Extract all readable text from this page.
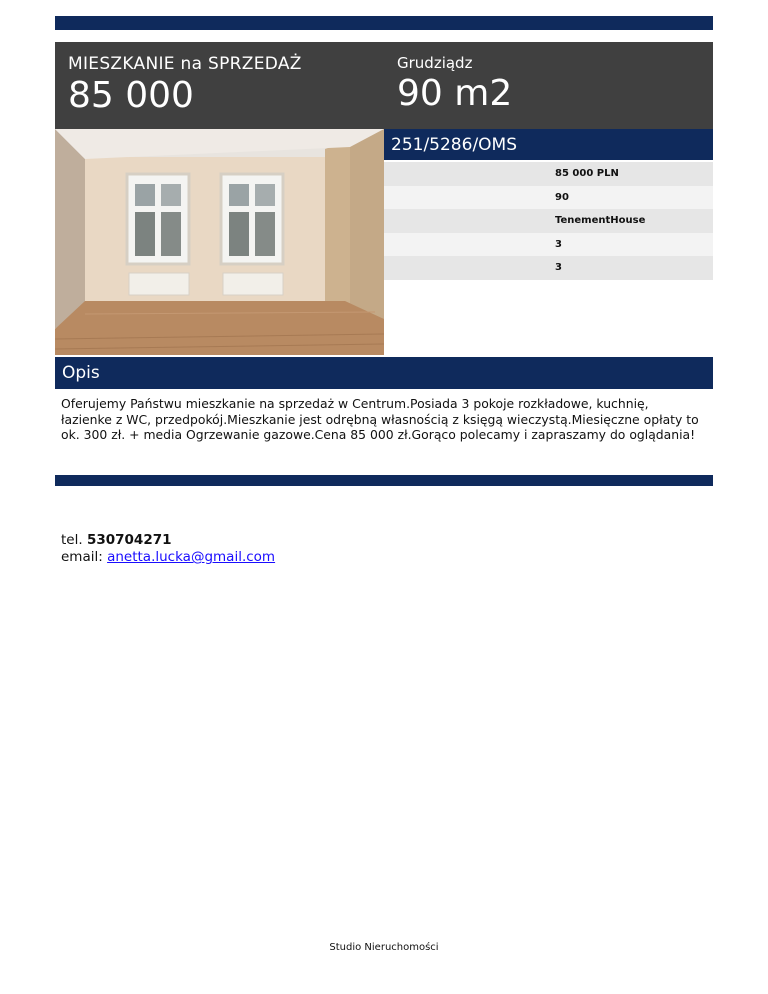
MIESZKANIE na SPRZEDAŻ
85 000
Grudziądz
90 m2
251/5286/OMS
85 000 PLN
90
TenementHouse
3
3
Opis
Oferujemy Państwu mieszkanie na sprzedaż w Centrum.Posiada 3 pokoje rozkładowe, kuchnię, łazienke z WC, przedpokój.Mieszkanie jest odrębną własnością z księgą wieczystą.Miesięczne opłaty to ok. 300 zł. + media Ogrzewanie gazowe.Cena 85 000 zł.Gorąco polecamy i zapraszamy do oglądania!
tel. 530704271
email: anetta.lucka@gmail.com
Studio Nieruchomości
